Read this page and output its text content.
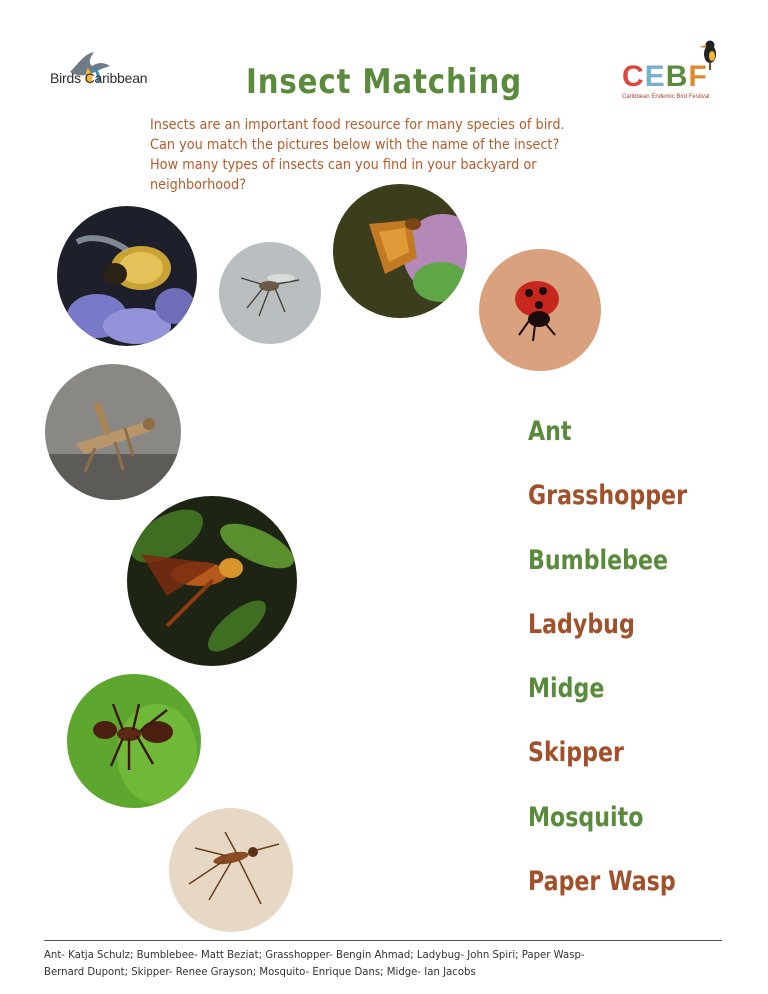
Birds Caribbean	CEBF
Caribbean Endemic Bird Festival
Insect Matching

Insects are an important food resource for many species of bird. Can you match the pictures below with the name of the insect? How many types of insects can you find in your backyard or neighborhood?

Ant
Grasshopper
Bumblebee
Ladybug
Midge
Skipper
Mosquito
Paper Wasp
Ant- Katja Schulz; Bumblebee- Matt Beziat; Grasshopper- Bengin Ahmad; Ladybug- John Spiri; Paper Wasp-
Bernard Dupont; Skipper- Renee Grayson; Mosquito- Enrique Dans; Midge- Ian Jacobs
